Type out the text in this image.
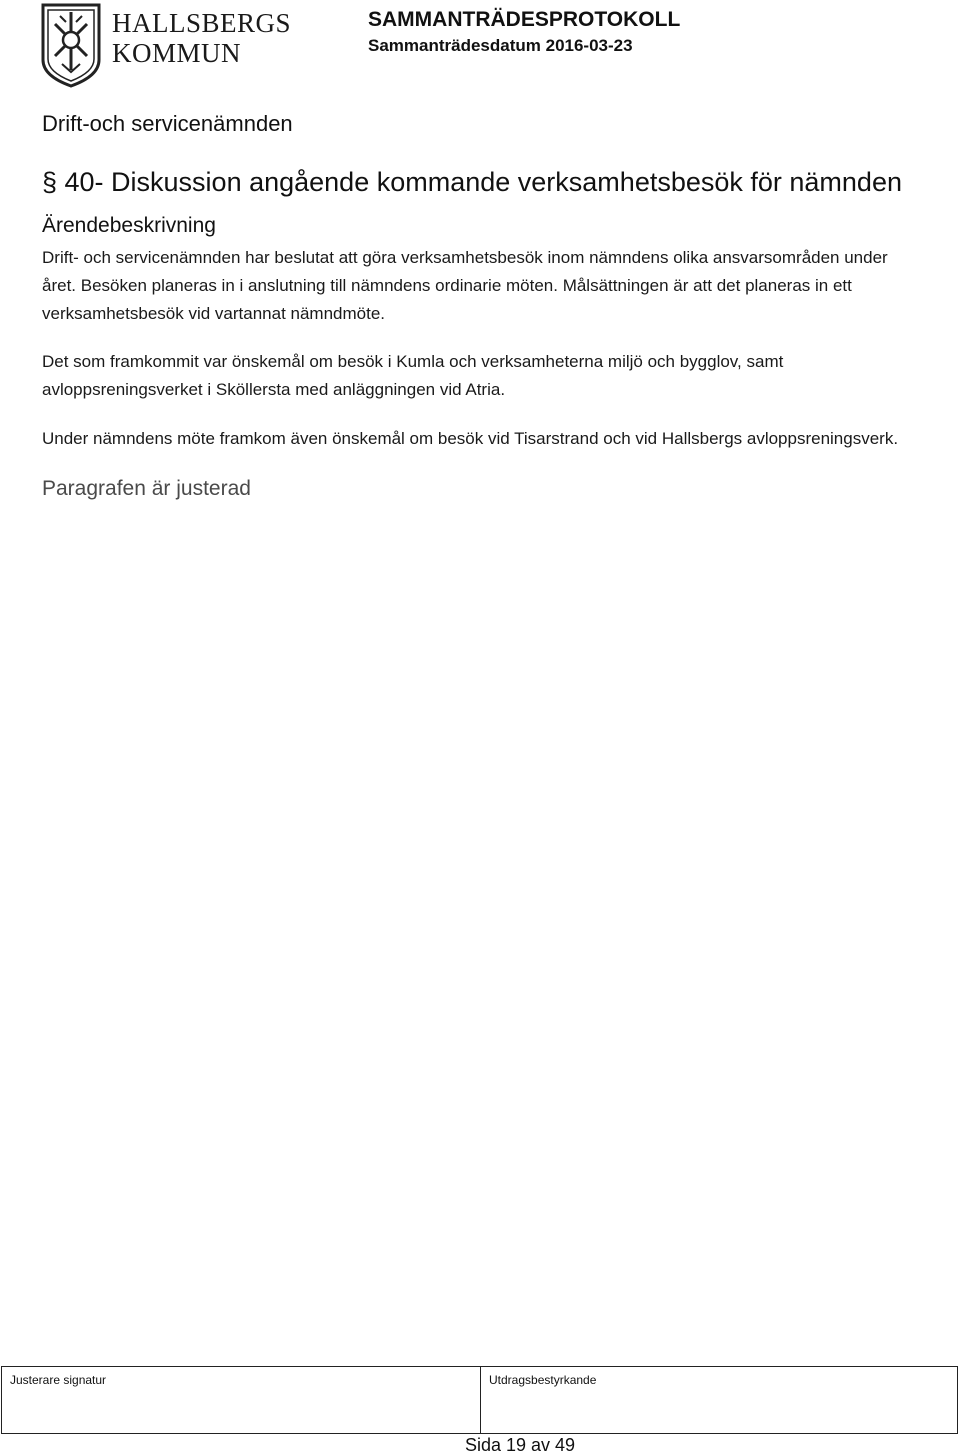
HALLSBERGS
KOMMUN
SAMMANTRÄDESPROTOKOLL
Sammanträdesdatum 2016-03-23
Drift-och servicenämnden
§ 40- Diskussion angående kommande verksamhetsbesök för nämnden
Ärendebeskrivning
Drift- och servicenämnden har beslutat att göra verksamhetsbesök inom nämndens olika ansvarsområden under året. Besöken planeras in i anslutning till nämndens ordinarie möten. Målsättningen är att det planeras in ett verksamhetsbesök vid vartannat nämndmöte.
Det som framkommit var önskemål om besök i Kumla och verksamheterna miljö och bygglov, samt avloppsreningsverket i Sköllersta med anläggningen vid Atria.
Under nämndens möte framkom även önskemål om besök vid Tisarstrand och vid Hallsbergs avloppsreningsverk.
Paragrafen är justerad
Justerare signatur	Utdragsbestyrkande
Sida 19 av 49
